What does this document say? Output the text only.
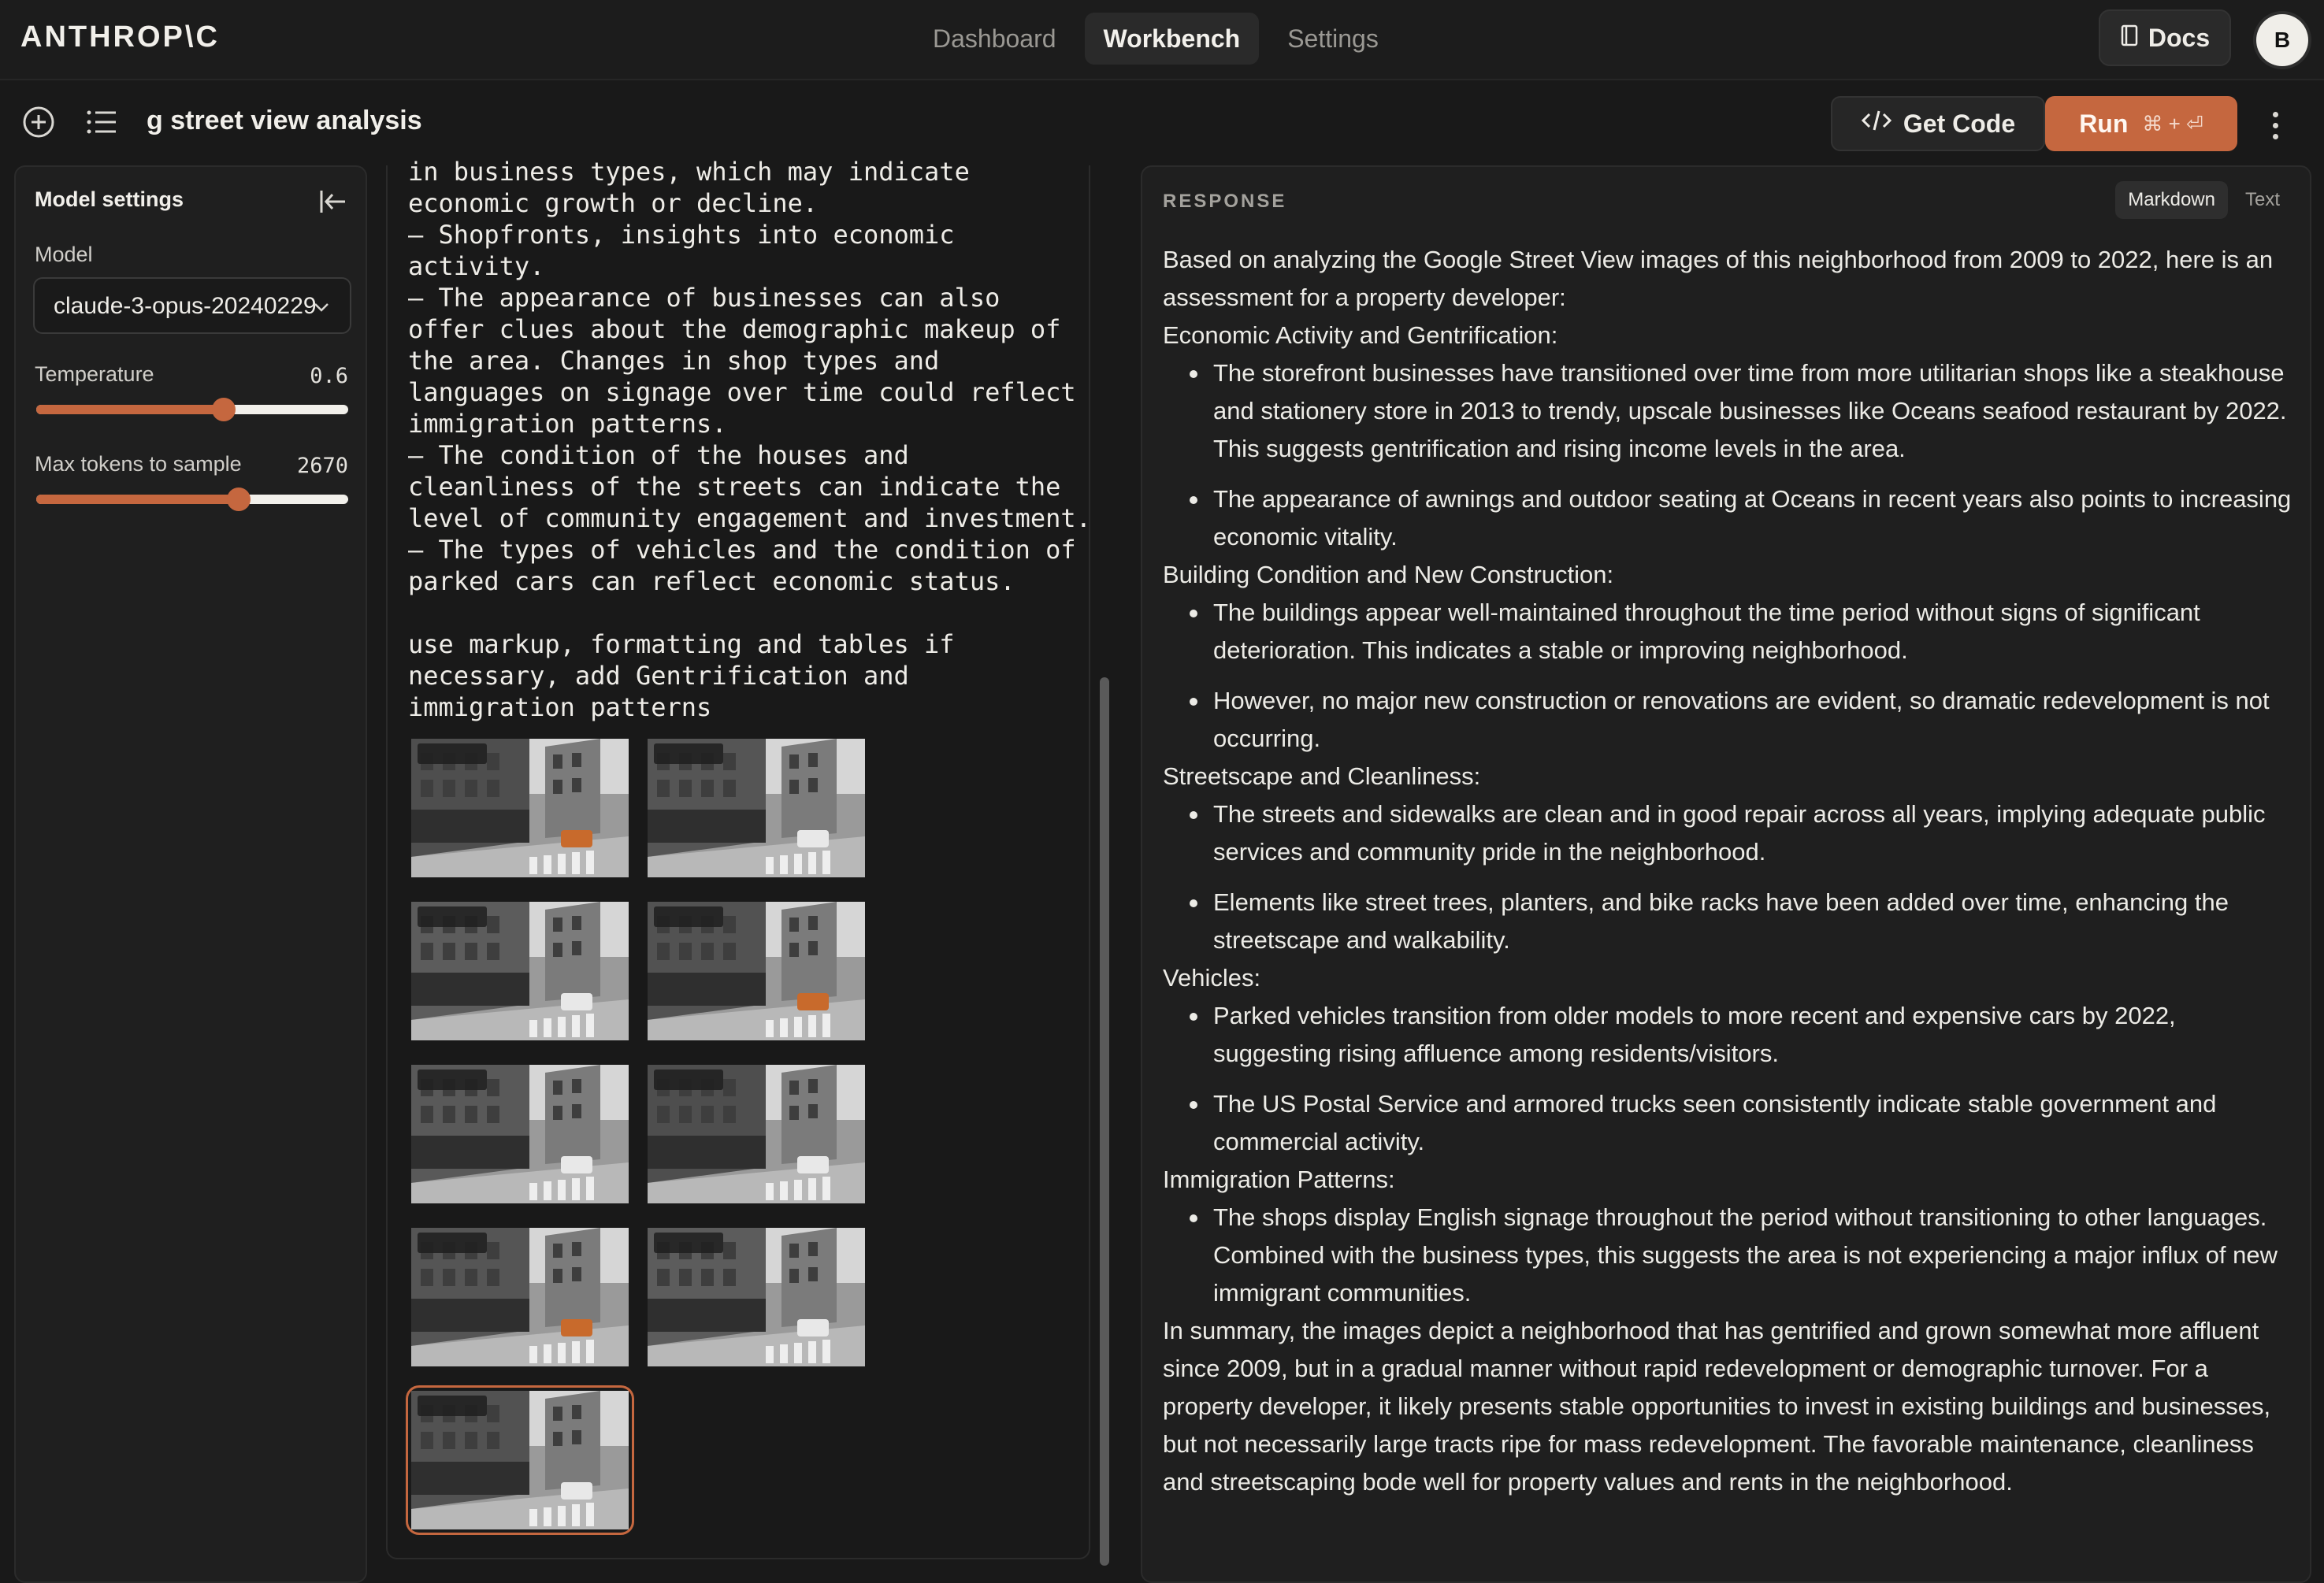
ANTHROP\C	Dashboard	Workbench	Settings	Docs	B
g street view analysis	Get Code	Run ⌘ + ⏎
Model settings
Model
claude-3-opus-20240229
Temperature	0.6
Max tokens to sample	2670
in business types, which may indicate
economic growth or decline.
– Shopfronts, insights into economic
activity.
– The appearance of businesses can also
offer clues about the demographic makeup of
the area. Changes in shop types and
languages on signage over time could reflect
immigration patterns.
– The condition of the houses and
cleanliness of the streets can indicate the
level of community engagement and investment.
– The types of vehicles and the condition of
parked cars can reflect economic status.

use markup, formatting and tables if
necessary, add Gentrification and
immigration patterns
RESPONSE	Markdown	Text

Based on analyzing the Google Street View images of this neighborhood from 2009 to 2022, here is an assessment for a property developer:

Economic Activity and Gentrification:

The storefront businesses have transitioned over time from more utilitarian shops like a steakhouse and stationery store in 2013 to trendy, upscale businesses like Oceans seafood restaurant by 2022. This suggests gentrification and rising income levels in the area.
The appearance of awnings and outdoor seating at Oceans in recent years also points to increasing economic vitality.

Building Condition and New Construction:

The buildings appear well-maintained throughout the time period without signs of significant deterioration. This indicates a stable or improving neighborhood.
However, no major new construction or renovations are evident, so dramatic redevelopment is not occurring.

Streetscape and Cleanliness:

The streets and sidewalks are clean and in good repair across all years, implying adequate public services and community pride in the neighborhood.
Elements like street trees, planters, and bike racks have been added over time, enhancing the streetscape and walkability.

Vehicles:

Parked vehicles transition from older models to more recent and expensive cars by 2022, suggesting rising affluence among residents/visitors.
The US Postal Service and armored trucks seen consistently indicate stable government and commercial activity.

Immigration Patterns:

The shops display English signage throughout the period without transitioning to other languages. Combined with the business types, this suggests the area is not experiencing a major influx of new immigrant communities.

In summary, the images depict a neighborhood that has gentrified and grown somewhat more affluent since 2009, but in a gradual manner without rapid redevelopment or demographic turnover. For a property developer, it likely presents stable opportunities to invest in existing buildings and businesses, but not necessarily large tracts ripe for mass redevelopment. The favorable maintenance, cleanliness and streetscaping bode well for property values and rents in the neighborhood.
